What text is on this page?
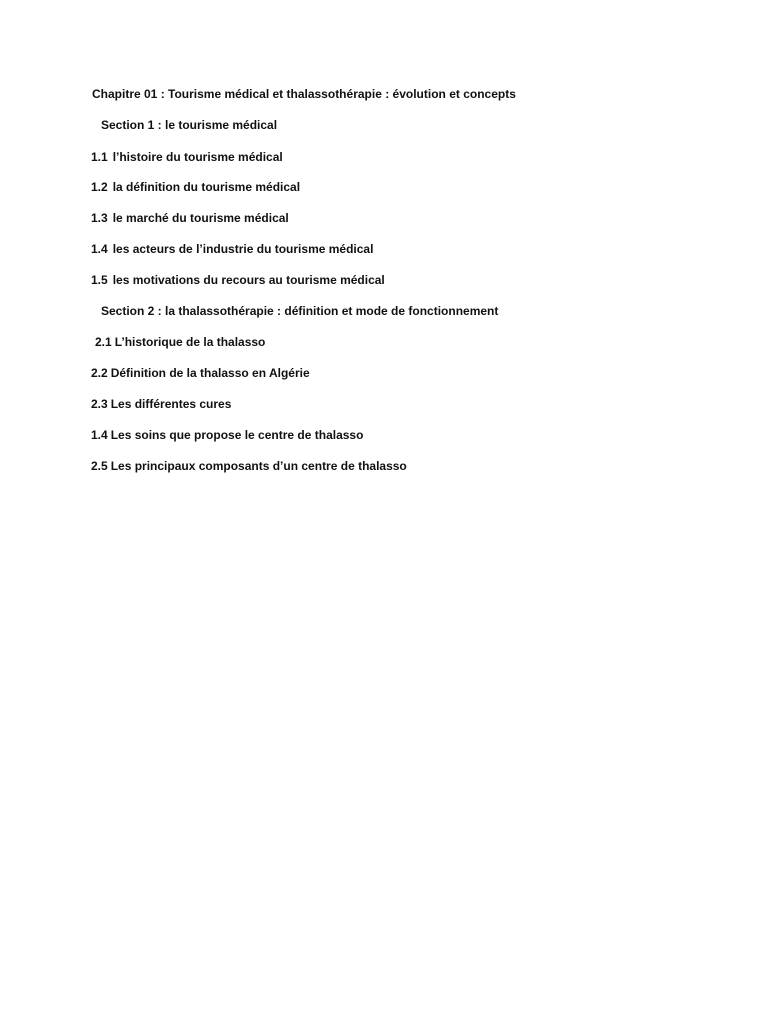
Chapitre 01 : Tourisme médical et thalassothérapie : évolution et concepts

Section 1 : le tourisme médical

1.1 l’histoire du tourisme médical

1.2 la définition du tourisme médical

1.3 le marché du tourisme médical

1.4 les acteurs de l’industrie du tourisme médical

1.5 les motivations du recours au tourisme médical

Section 2 : la thalassothérapie : définition et mode de fonctionnement

2.1 L’historique de la thalasso

2.2 Définition de la thalasso en Algérie

2.3 Les différentes cures

1.4 Les soins que propose le centre de thalasso

2.5 Les principaux composants d’un centre de thalasso
